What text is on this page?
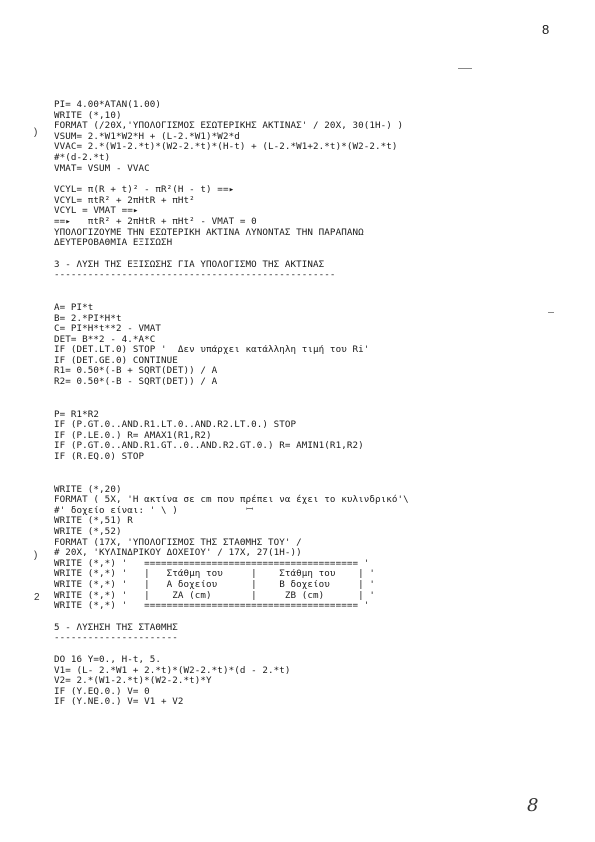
8
)
)
2
ꟷ
PI= 4.00*ATAN(1.00)
WRITE (*,10)
FORMAT (/20X,'ΥΠΟΛΟΓΙΣΜΟΣ ΕΣΩΤΕΡΙΚΗΣ ΑΚΤΙΝΑΣ' / 20X, 30(1H-) )
VSUM= 2.*W1*W2*H + (L-2.*W1)*W2*d
VVAC= 2.*(W1-2.*t)*(W2-2.*t)*(H-t) + (L-2.*W1+2.*t)*(W2-2.*t)
#*(d-2.*t)
VMAT= VSUM - VVAC
VCYL= π(R + t)² - πR²(H - t) ==▸
VCYL= πtR² + 2πHtR + πHt²
VCYL = VMAT ==▸
==▸   πtR² + 2πHtR + πHt² - VMAT = 0
ΥΠΟΛΟΓΙΖΟΥΜΕ ΤΗΝ ΕΣΩΤΕΡΙΚΗ ΑΚΤΙΝΑ ΛΥΝΟΝΤΑΣ ΤΗΝ ΠΑΡΑΠΑΝΩ
ΔΕΥΤΕΡΟΒΑΘΜΙΑ ΕΞΙΣΩΣΗ
3 - ΛΥΣΗ ΤΗΣ ΕΞΙΣΩΣΗΣ ΓΙΑ ΥΠΟΛΟΓΙΣΜΟ ΤΗΣ ΑΚΤΙΝΑΣ
--------------------------------------------------
A= PI*t
B= 2.*PI*H*t
C= PI*H*t**2 - VMAT
DET= B**2 - 4.*A*C
IF (DET.LT.0) STOP '  Δεν υπάρχει κατάλληλη τιμή του Ri'
IF (DET.GE.0) CONTINUE
R1= 0.50*(-B + SQRT(DET)) / A
R2= 0.50*(-B - SQRT(DET)) / A
P= R1*R2
IF (P.GT.0..AND.R1.LT.0..AND.R2.LT.0.) STOP
IF (P.LE.0.) R= AMAX1(R1,R2)
IF (P.GT.0..AND.R1.GT..0..AND.R2.GT.0.) R= AMIN1(R1,R2)
IF (R.EQ.0) STOP
WRITE (*,20)
FORMAT ( 5X, 'Η ακτίνα σε cm που πρέπει να έχει το κυλινδρικό'\
#' δοχείο είναι: ' \ )
WRITE (*,51) R
WRITE (*,52)
FORMAT (17X, 'ΥΠΟΛΟΓΙΣΜΟΣ ΤΗΣ ΣΤΑΘΜΗΣ ΤΟΥ' /
# 20X, 'ΚΥΛΙΝΔΡΙΚΟΥ ΔΟΧΕΙΟΥ' / 17X, 27(1H-))
WRITE (*,*) '   ====================================== '
WRITE (*,*) '   |   Στάθμη του     |    Στάθμη του    | '
WRITE (*,*) '   |   Α δοχείου      |    Β δοχείου     | '
WRITE (*,*) '   |    ZA (cm)       |     ZB (cm)      | '
WRITE (*,*) '   ====================================== '
5 - ΛΥΣΗΣΗ ΤΗΣ ΣΤΑΘΜΗΣ
----------------------
DO 16 Y=0., H-t, 5.
V1= (L- 2.*W1 + 2.*t)*(W2-2.*t)*(d - 2.*t)
V2= 2.*(W1-2.*t)*(W2-2.*t)*Y
IF (Y.EQ.0.) V= 0
IF (Y.NE.0.) V= V1 + V2
8
